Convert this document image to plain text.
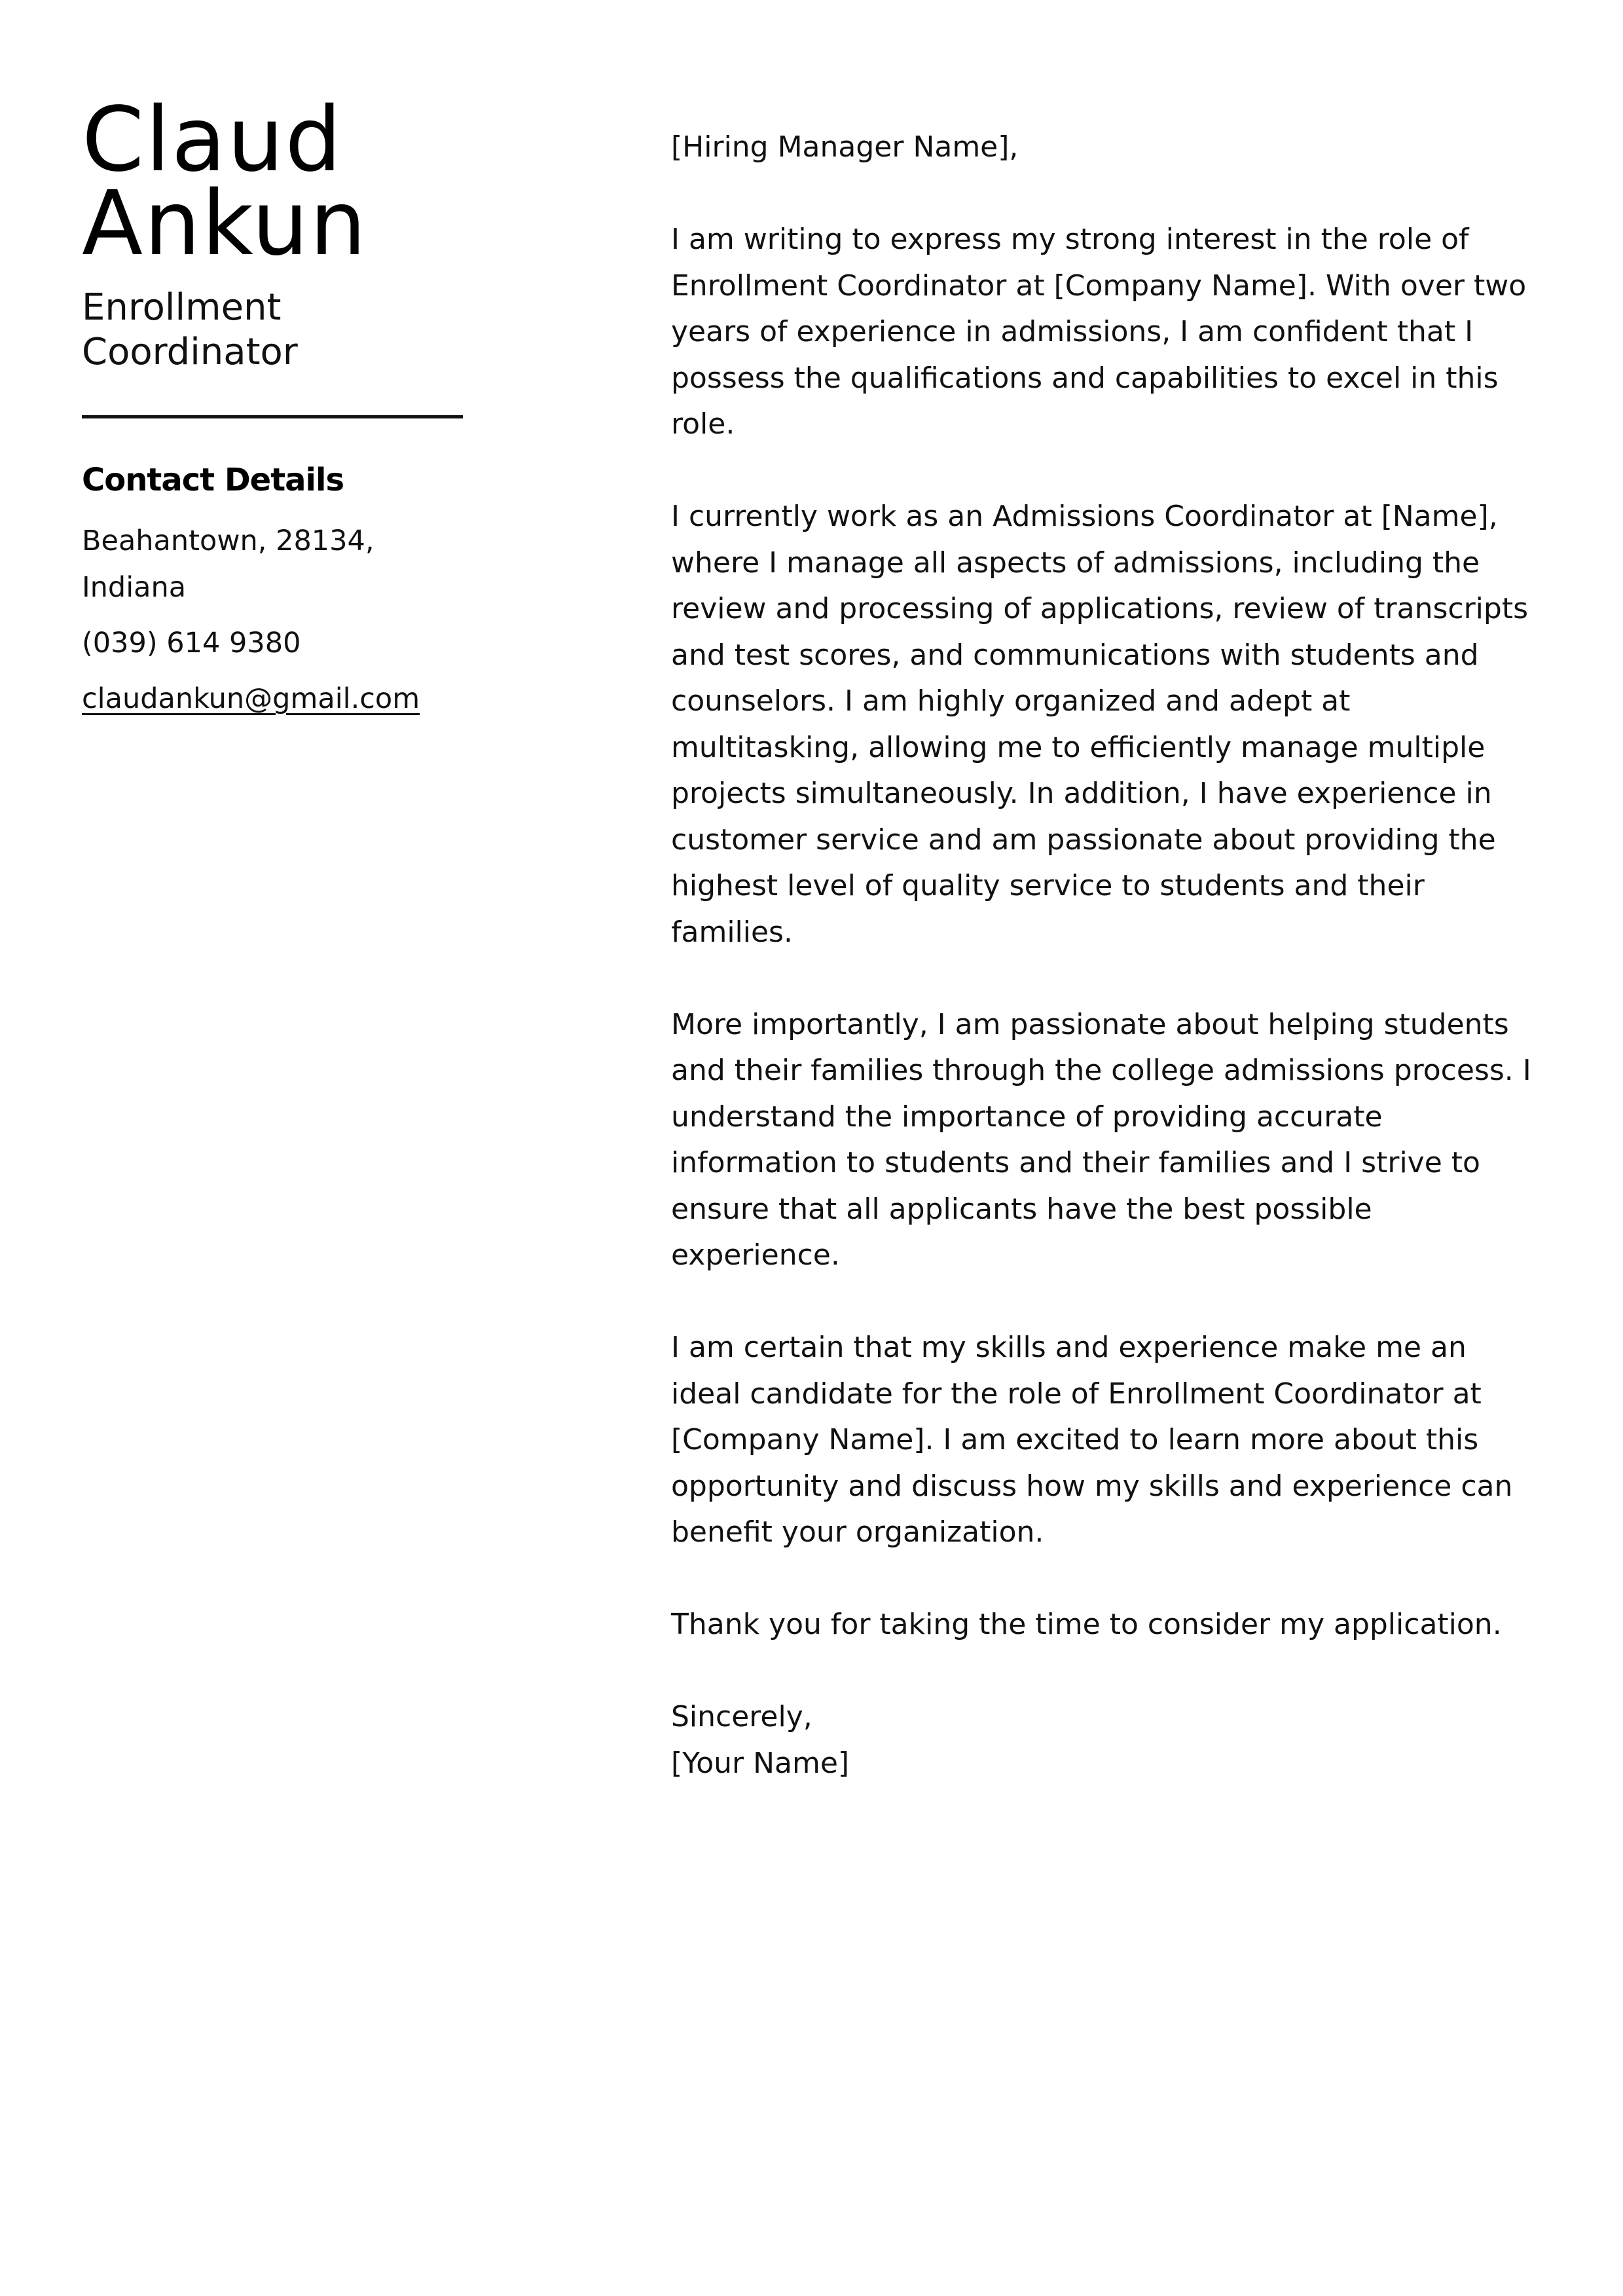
Claud
Ankun
Enrollment Coordinator
Contact Details
Beahantown, 28134, Indiana
(039) 614 9380
claudankun@gmail.com

[Hiring Manager Name],

I am writing to express my strong interest in the role of Enrollment Coordinator at [Company Name]. With over two years of experience in admissions, I am confident that I possess the qualifications and capabilities to excel in this role.

I currently work as an Admissions Coordinator at [Name], where I manage all aspects of admissions, including the review and processing of applications, review of transcripts and test scores, and communications with students and counselors. I am highly organized and adept at multitasking, allowing me to efficiently manage multiple projects simultaneously. In addition, I have experience in customer service and am passionate about providing the highest level of quality service to students and their families.

More importantly, I am passionate about helping students and their families through the college admissions process. I understand the importance of providing accurate information to students and their families and I strive to ensure that all applicants have the best possible experience.

I am certain that my skills and experience make me an ideal candidate for the role of Enrollment Coordinator at [Company Name]. I am excited to learn more about this opportunity and discuss how my skills and experience can benefit your organization.

Thank you for taking the time to consider my application.

Sincerely,

[Your Name]
